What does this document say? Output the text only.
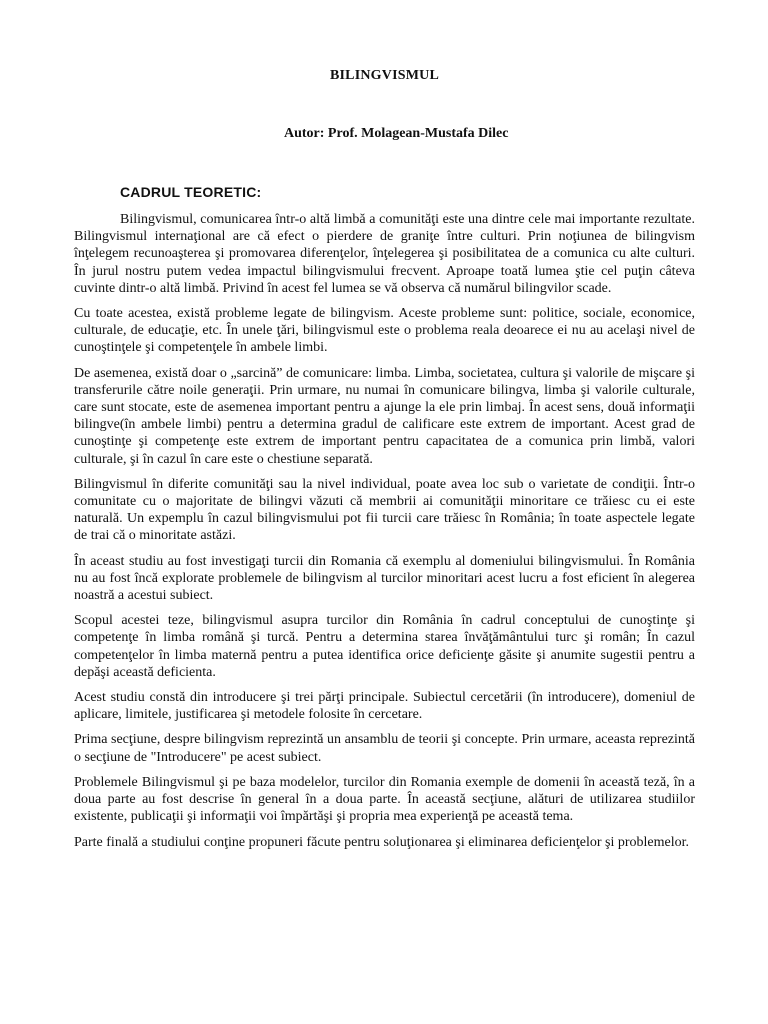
BILINGVISMUL
Autor: Prof. Molagean-Mustafa Dilec
CADRUL TEORETIC:

Bilingvismul, comunicarea într-o altă limbă a comunităţi este una dintre cele mai importante rezultate. Bilingvismul internaţional are că efect o pierdere de graniţe între culturi. Prin noţiunea de bilingvism înţelegem recunoaşterea şi promovarea diferenţelor, înţelegerea şi posibilitatea de a comunica cu alte culturi. În jurul nostru putem vedea impactul bilingvismului frecvent. Aproape toată lumea ştie cel puţin câteva cuvinte dintr-o altă limbă. Privind în acest fel lumea se vă observa că numărul bilingvilor scade.

Cu toate acestea, există probleme legate de bilingvism. Aceste probleme sunt: politice, sociale, economice, culturale, de educaţie, etc. În unele ţări, bilingvismul este o problema reala deoarece ei nu au acelaşi nivel de cunoştinţele şi competenţele în ambele limbi.

De asemenea, există doar o „sarcină” de comunicare: limba. Limba, societatea, cultura şi valorile de mişcare şi transferurile către noile generaţii. Prin urmare, nu numai în comunicare bilingva, limba şi valorile culturale, care sunt stocate, este de asemenea important pentru a ajunge la ele prin limbaj. În acest sens, două informaţii bilingve(în ambele limbi) pentru a determina gradul de calificare este extrem de important. Acest grad de cunoştinţe şi competenţe este extrem de important pentru capacitatea de a comunica prin limbă, valori culturale, şi în cazul în care este o chestiune separată.

Bilingvismul în diferite comunităţi sau la nivel individual, poate avea loc sub o varietate de condiţii. Într-o comunitate cu o majoritate de bilingvi văzuti că membrii ai comunităţii minoritare ce trăiesc cu ei este naturală. Un expemplu în cazul bilingvismului pot fii turcii care trăiesc în România; în toate aspectele legate de trai că o minoritate astăzi.

În aceast studiu au fost investigaţi turcii din Romania că exemplu al domeniului bilingvismului. În România nu au fost încă explorate problemele de bilingvism al turcilor minoritari acest lucru a fost eficient în alegerea noastră a acestui subiect.

Scopul acestei teze, bilingvismul asupra turcilor din România în cadrul conceptului de cunoştinţe şi competenţe în limba română şi turcă. Pentru a determina starea învăţământului turc şi român; În cazul competenţelor în limba maternă pentru a putea identifica orice deficienţe găsite şi anumite sugestii pentru a depăşi această deficienta.

Acest studiu constă din introducere şi trei părţi principale. Subiectul cercetării (în introducere), domeniul de aplicare, limitele, justificarea şi metodele folosite în cercetare.

Prima secţiune, despre bilingvism reprezintă un ansamblu de teorii şi concepte. Prin urmare, aceasta reprezintă o secţiune de "Introducere" pe acest subiect.

Problemele Bilingvismul şi pe baza modelelor, turcilor din Romania exemple de domenii în această teză, în a doua parte au fost descrise în general în a doua parte. În această secţiune, alături de utilizarea studiilor existente, publicaţii şi informaţii voi împărtăşi şi propria mea experienţă pe această tema.

Parte finală a studiului conţine propuneri făcute pentru soluţionarea şi eliminarea deficienţelor şi problemelor.
